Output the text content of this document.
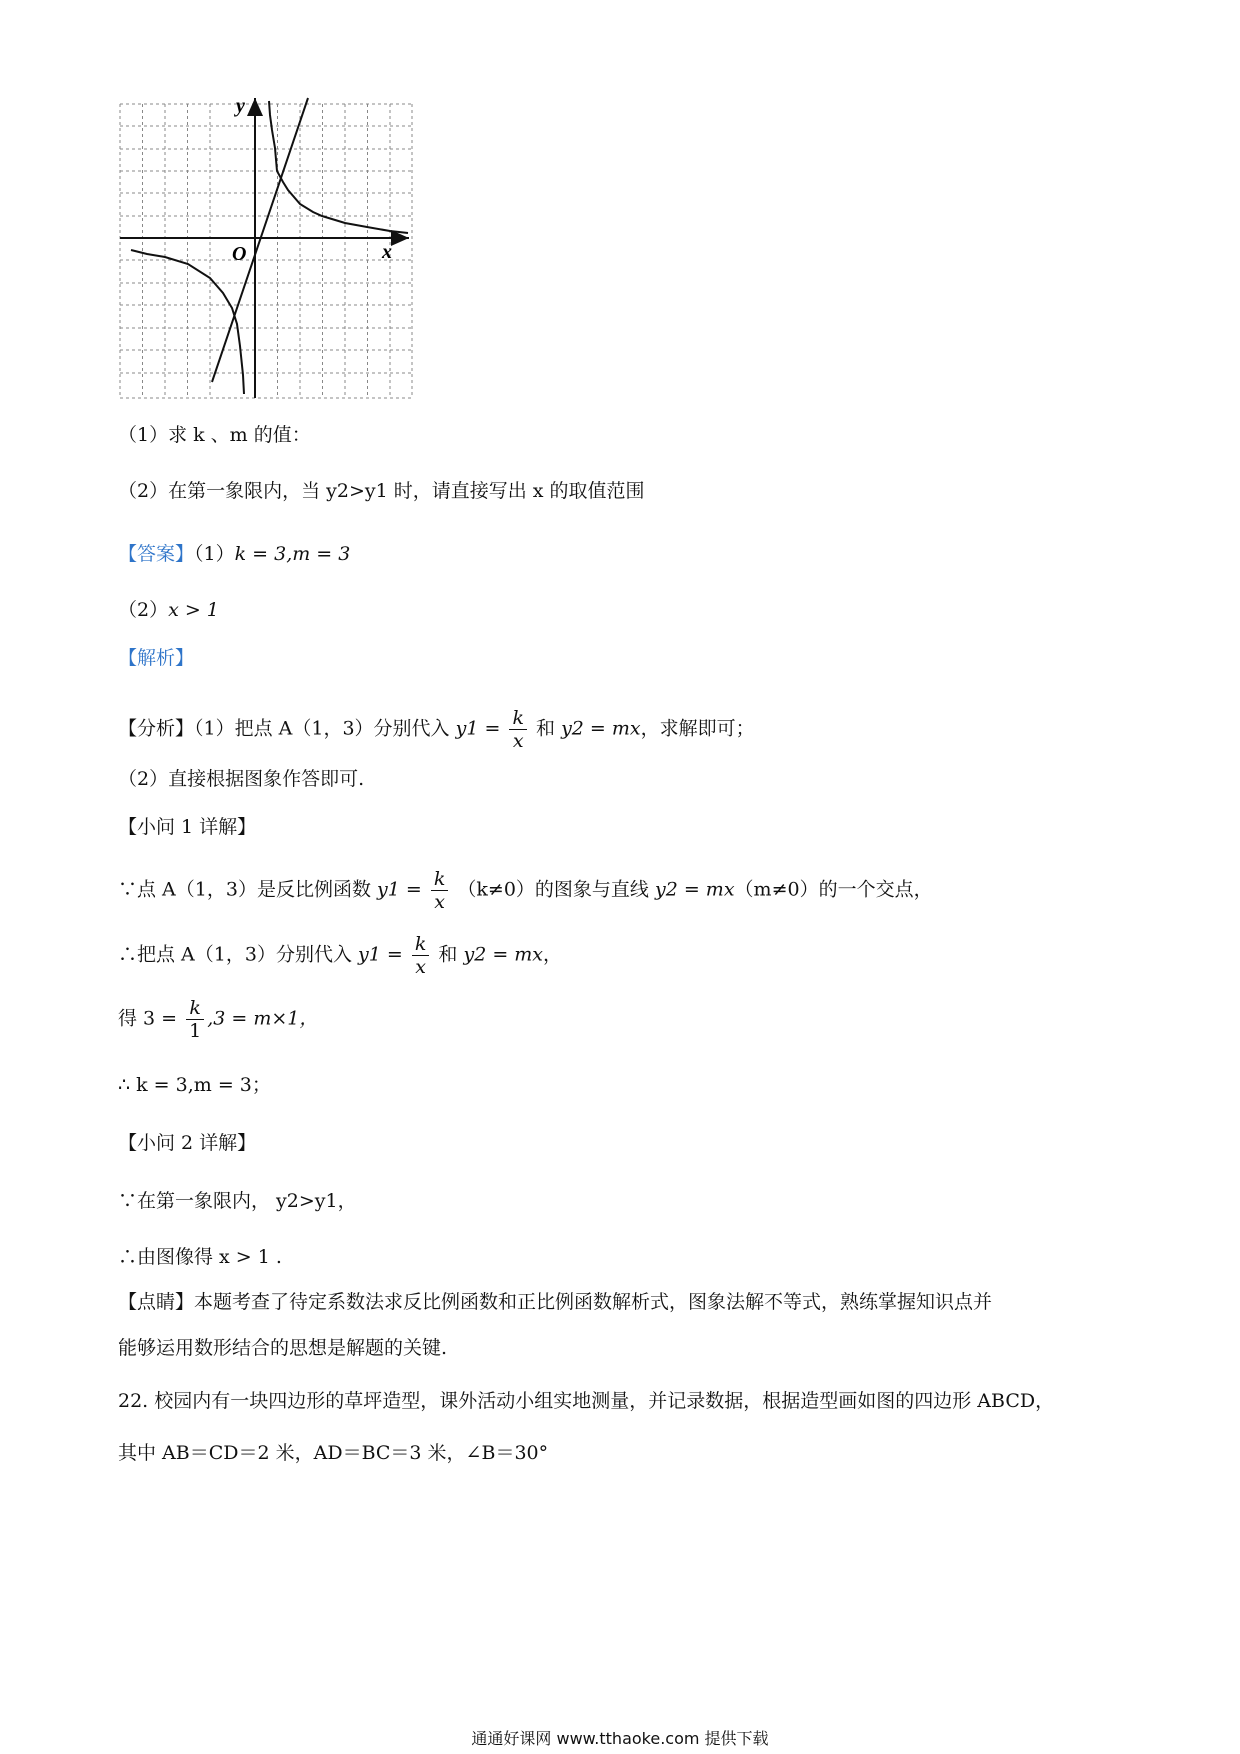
x
y
O
（1）求 k 、m 的值：
（2）在第一象限内，当 y2>y1 时，请直接写出 x 的取值范围
【答案】（1）k = 3,m = 3
（2）x > 1
【解析】
【分析】（1）把点 A（1，3）分别代入 $y1 = \frac{k}{x}$ 和 y2 = mx，求解即可；
（2）直接根据图象作答即可.
【小问 1 详解】
∵点 A（1，3）是反比例函数 $y1 = \frac{k}{x} (k\ne 0)$的图象与直线 y2 = mx（m≠0）的一个交点，
∴把点 A（1，3）分别代入 $y1 = \frac{k}{x}$ 和 y2 = mx，
得 $3 = \frac{k}{1} ,3 = m\times 1$，
∴ k = 3,m = 3；
【小问 2 详解】
∵在第一象限内， y2>y1，
∴由图像得 x > 1 .
【点睛】本题考查了待定系数法求反比例函数和正比例函数解析式，图象法解不等式，熟练掌握知识点并
能够运用数形结合的思想是解题的关键.
22. 校园内有一块四边形的草坪造型，课外活动小组实地测量，并记录数据，根据造型画如图的四边形 ABCD，
其中 AB＝CD＝2 米，AD＝BC＝3 米，∠B＝30°
通通好课网 www.tthaoke.com 提供下载
